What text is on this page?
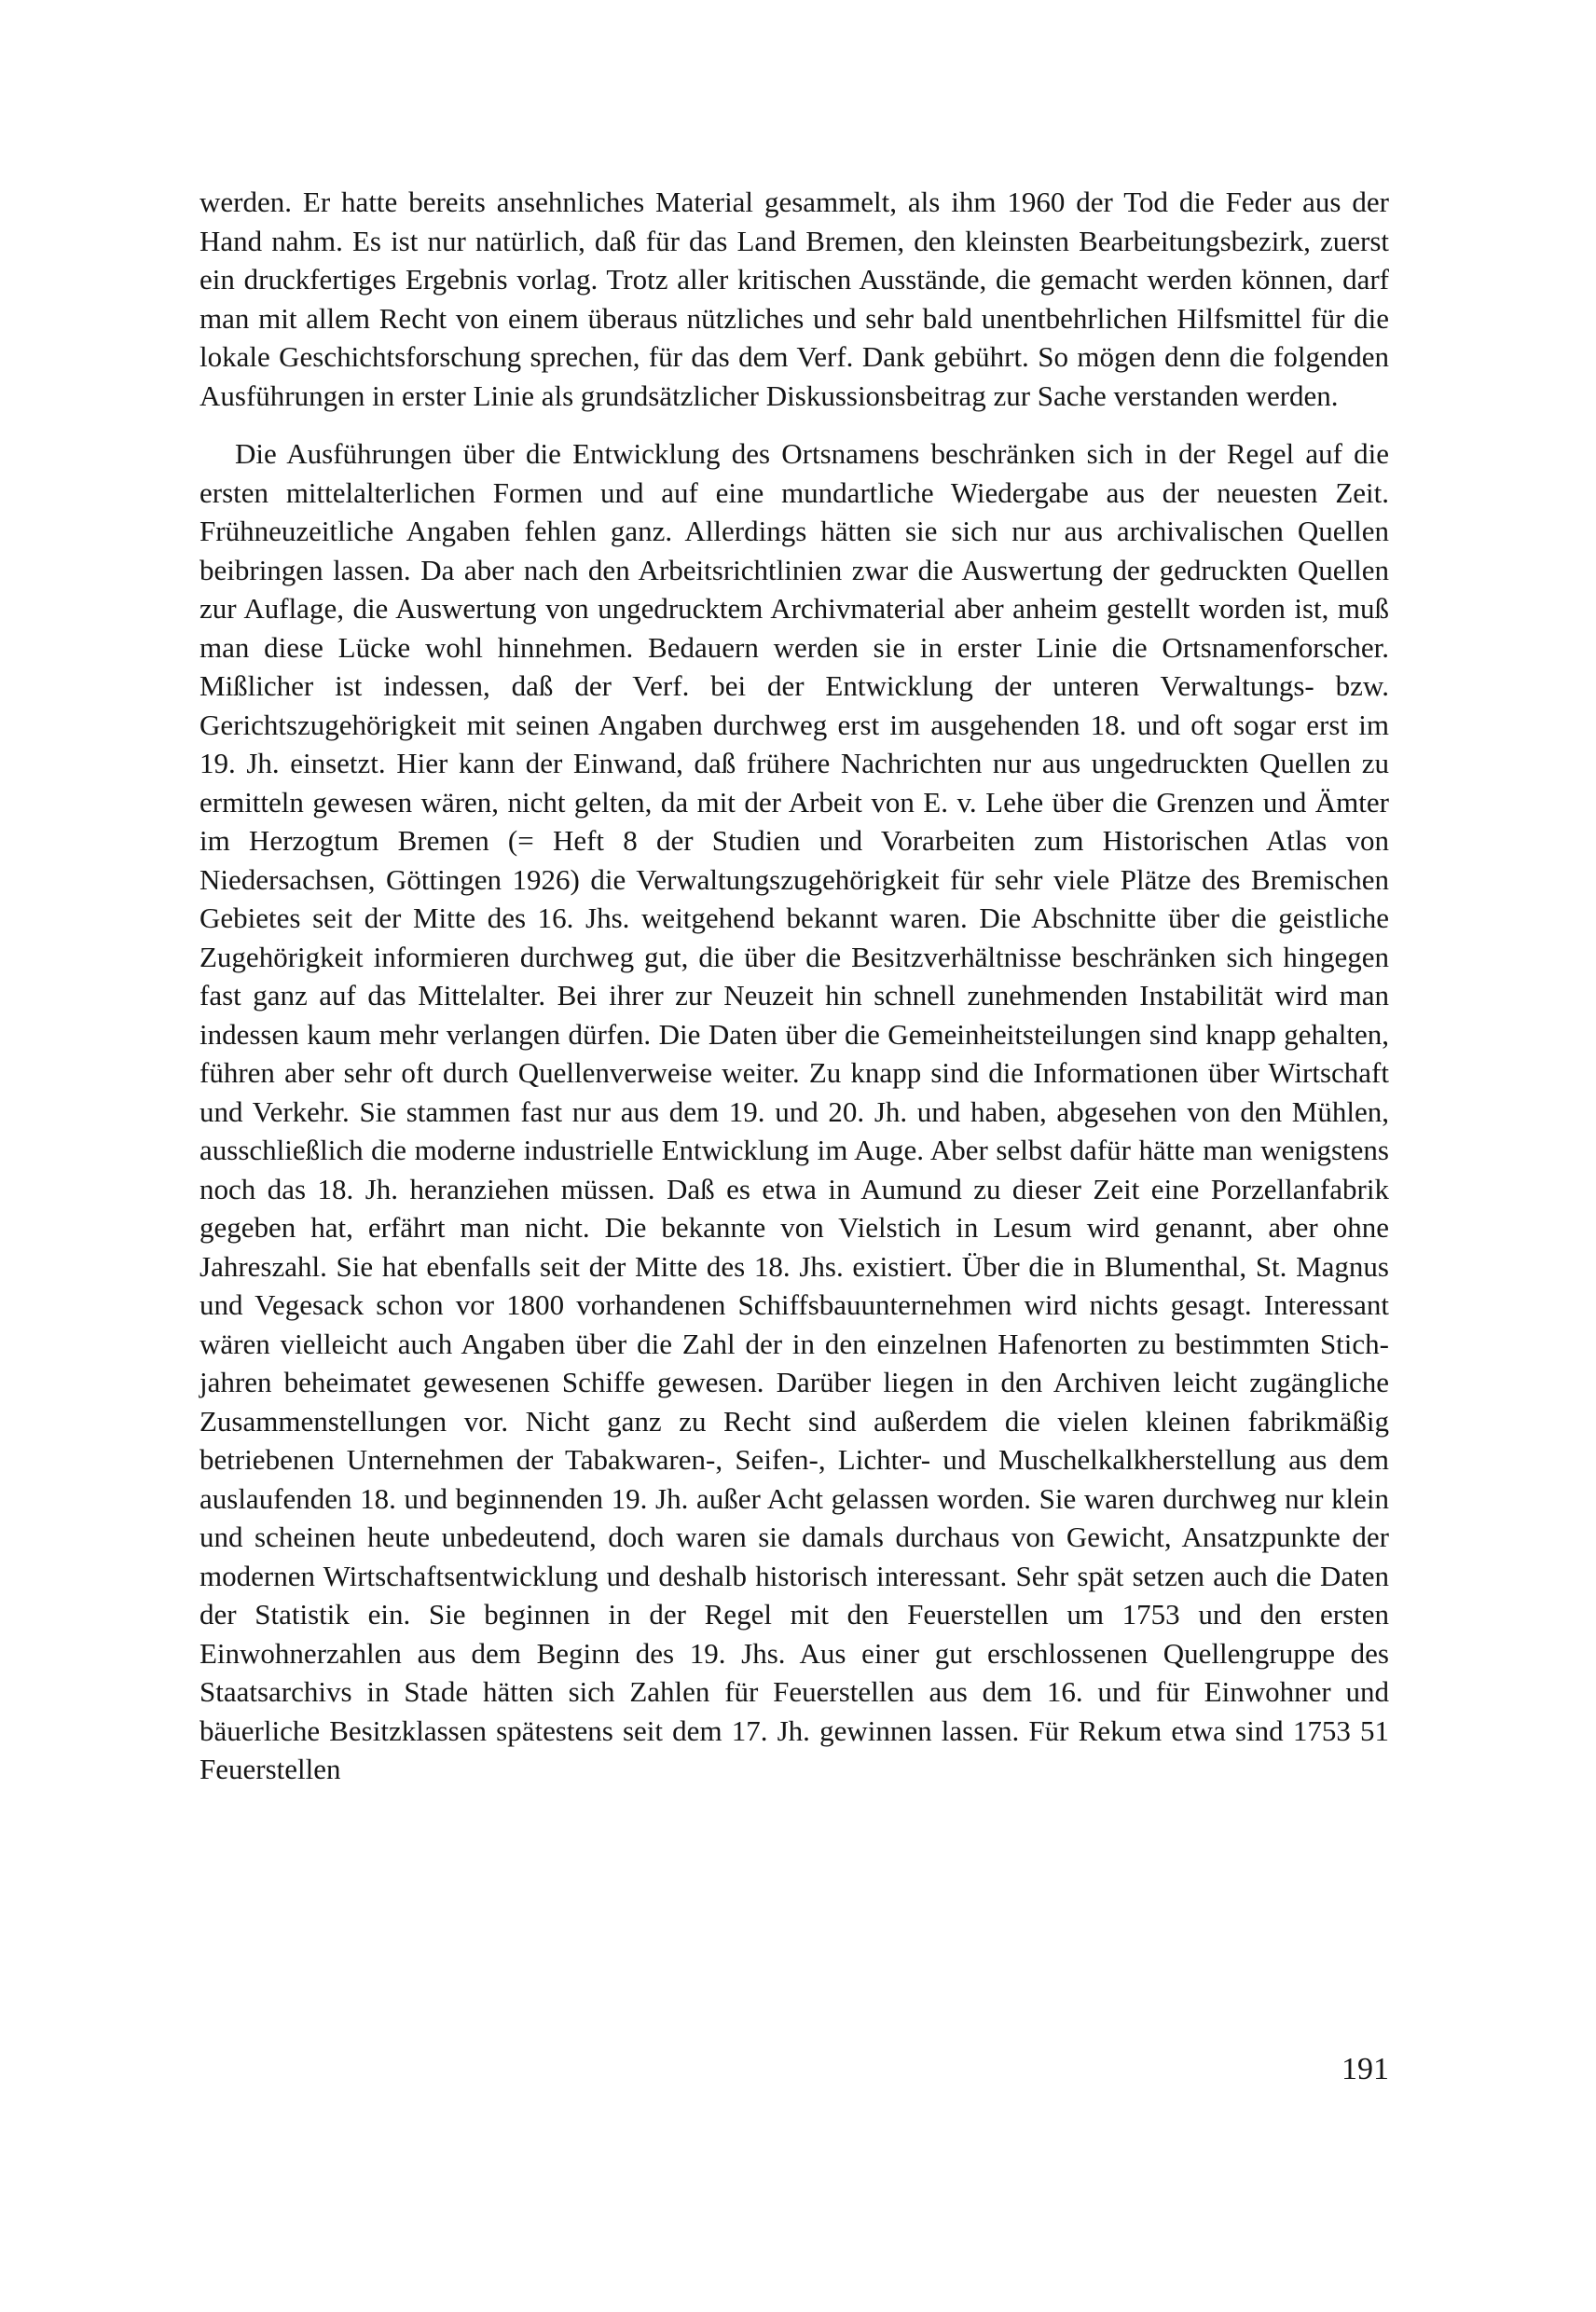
werden. Er hatte bereits ansehnliches Material gesammelt, als ihm 1960 der Tod die Feder aus der Hand nahm. Es ist nur natürlich, daß für das Land Bremen, den kleinsten Bearbeitungsbezirk, zuerst ein druckfertiges Ergebnis vorlag. Trotz aller kritischen Ausstände, die gemacht werden können, darf man mit allem Recht von einem überaus nützliches und sehr bald unentbehrlichen Hilfsmittel für die lokale Geschichtsforschung sprechen, für das dem Verf. Dank gebührt. So mögen denn die folgenden Ausführungen in erster Linie als grundsätzlicher Diskussionsbeitrag zur Sache verstanden werden.

Die Ausführungen über die Entwicklung des Ortsnamens beschränken sich in der Regel auf die ersten mittelalterlichen Formen und auf eine mundartliche Wiedergabe aus der neuesten Zeit. Frühneuzeitliche Angaben fehlen ganz. Allerdings hätten sie sich nur aus archivalischen Quellen beibringen lassen. Da aber nach den Arbeitsrichtlinien zwar die Auswertung der gedruckten Quellen zur Auflage, die Auswertung von ungedrucktem Archivmaterial aber anheim gestellt worden ist, muß man diese Lücke wohl hinnehmen. Bedauern werden sie in erster Linie die Ortsnamenforscher. Mißlicher ist indessen, daß der Verf. bei der Entwicklung der unteren Verwaltungs- bzw. Gerichtszugehörigkeit mit seinen Angaben durchweg erst im ausgehenden 18. und oft sogar erst im 19. Jh. einsetzt. Hier kann der Einwand, daß frühere Nachrichten nur aus ungedruckten Quellen zu ermitteln gewesen wären, nicht gelten, da mit der Arbeit von E. v. Lehe über die Grenzen und Ämter im Herzogtum Bremen (= Heft 8 der Studien und Vorarbeiten zum Historischen Atlas von Niedersachsen, Göttingen 1926) die Verwaltungszugehörigkeit für sehr viele Plätze des Bremischen Gebietes seit der Mitte des 16. Jhs. weitgehend bekannt waren. Die Abschnitte über die geistliche Zugehörigkeit informieren durchweg gut, die über die Besitzverhältnisse beschränken sich hingegen fast ganz auf das Mittelalter. Bei ihrer zur Neuzeit hin schnell zunehmenden Instabilität wird man indessen kaum mehr verlangen dürfen. Die Daten über die Gemeinheitsteilungen sind knapp gehalten, führen aber sehr oft durch Quellenverweise weiter. Zu knapp sind die Informationen über Wirtschaft und Verkehr. Sie stammen fast nur aus dem 19. und 20. Jh. und haben, abgesehen von den Mühlen, ausschließlich die moderne industrielle Entwicklung im Auge. Aber selbst dafür hätte man wenigstens noch das 18. Jh. heranziehen müssen. Daß es etwa in Aumund zu dieser Zeit eine Porzellanfabrik gegeben hat, erfährt man nicht. Die bekannte von Vielstich in Lesum wird genannt, aber ohne Jahreszahl. Sie hat ebenfalls seit der Mitte des 18. Jhs. existiert. Über die in Blumenthal, St. Magnus und Vegesack schon vor 1800 vorhandenen Schiffsbauunternehmen wird nichts gesagt. Interessant wären vielleicht auch Angaben über die Zahl der in den einzelnen Hafenorten zu bestimmten Stichjahren beheimatet gewesenen Schiffe gewesen. Darüber liegen in den Archiven leicht zugängliche Zusammenstellungen vor. Nicht ganz zu Recht sind außerdem die vielen kleinen fabrikmäßig betriebenen Unternehmen der Tabakwaren-, Seifen-, Lichter- und Muschelkalkherstellung aus dem auslaufenden 18. und beginnenden 19. Jh. außer Acht gelassen worden. Sie waren durchweg nur klein und scheinen heute unbedeutend, doch waren sie damals durchaus von Gewicht, Ansatzpunkte der modernen Wirtschaftsentwicklung und deshalb historisch interessant. Sehr spät setzen auch die Daten der Statistik ein. Sie beginnen in der Regel mit den Feuerstellen um 1753 und den ersten Einwohnerzahlen aus dem Beginn des 19. Jhs. Aus einer gut erschlossenen Quellengruppe des Staatsarchivs in Stade hätten sich Zahlen für Feuerstellen aus dem 16. und für Einwohner und bäuerliche Besitzklassen spätestens seit dem 17. Jh. gewinnen lassen. Für Rekum etwa sind 1753 51 Feuerstellen

191
